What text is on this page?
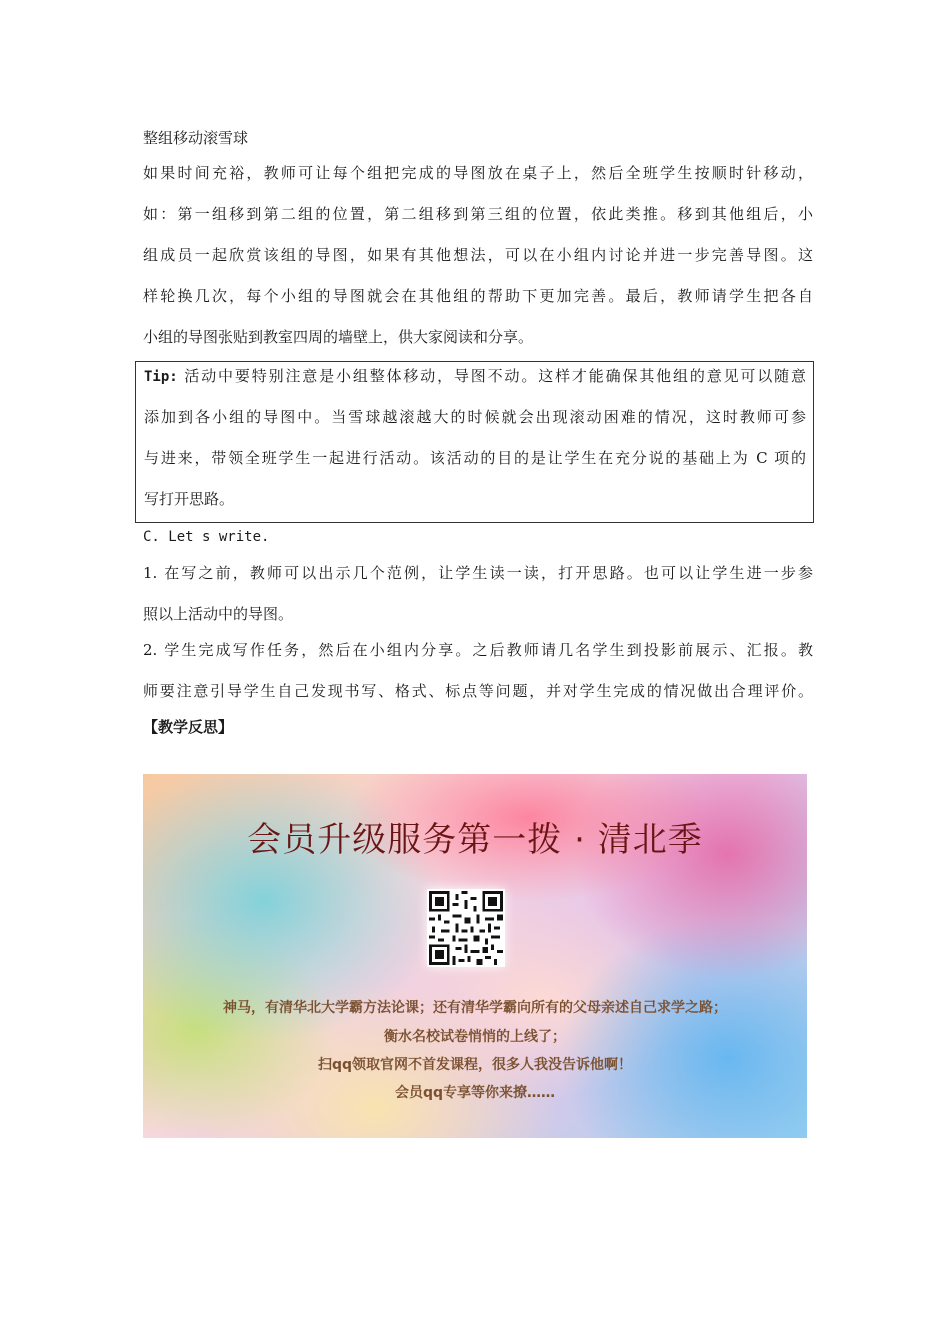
整组移动滚雪球
如果时间充裕，教师可让每个组把完成的导图放在桌子上，然后全班学生按顺时针移动，
如：第一组移到第二组的位置，第二组移到第三组的位置，依此类推。移到其他组后，小
组成员一起欣赏该组的导图，如果有其他想法，可以在小组内讨论并进一步完善导图。这
样轮换几次，每个小组的导图就会在其他组的帮助下更加完善。最后，教师请学生把各自
小组的导图张贴到教室四周的墙壁上，供大家阅读和分享。
Tip: 活动中要特别注意是小组整体移动，导图不动。这样才能确保其他组的意见可以随意
添加到各小组的导图中。当雪球越滚越大的时候就会出现滚动困难的情况，这时教师可参
与进来，带领全班学生一起进行活动。该活动的目的是让学生在充分说的基础上为 C 项的
写打开思路。
C. Let s write.
1. 在写之前，教师可以出示几个范例，让学生读一读，打开思路。也可以让学生进一步参
照以上活动中的导图。
2. 学生完成写作任务，然后在小组内分享。之后教师请几名学生到投影前展示、汇报。教
师要注意引导学生自己发现书写、格式、标点等问题，并对学生完成的情况做出合理评价。
【教学反思】
会员升级服务第一拨 · 清北季
神马，有清华北大学霸方法论课；还有清华学霸向所有的父母亲述自己求学之路；
衡水名校试卷悄悄的上线了；
扫qq领取官网不首发课程，很多人我没告诉他啊！
会员qq专享等你来撩……
